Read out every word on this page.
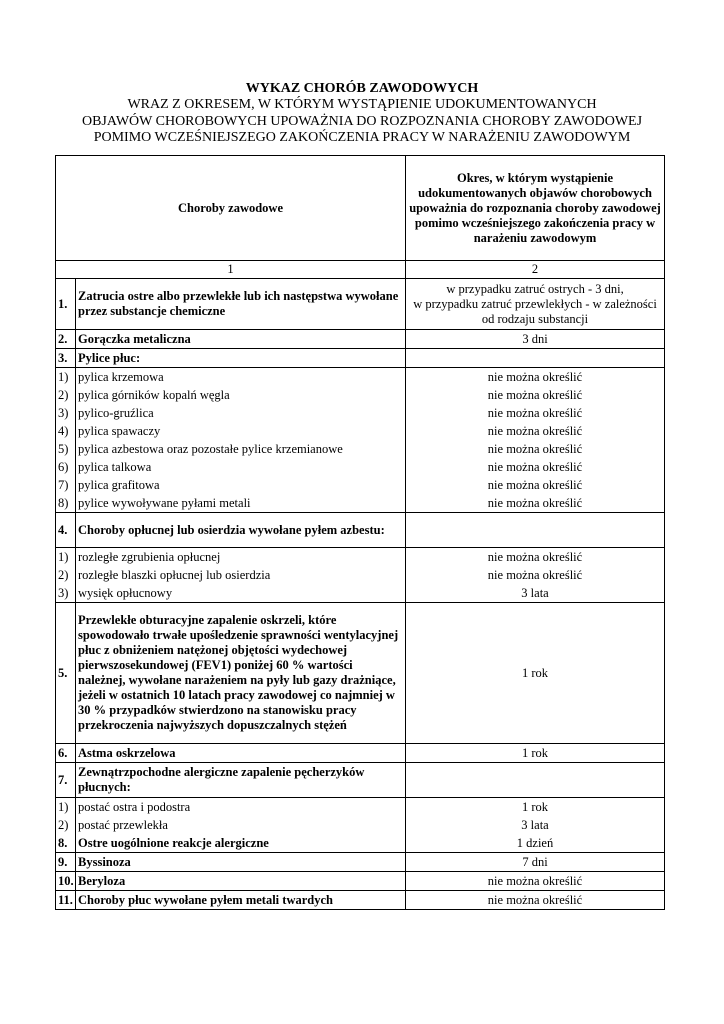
WYKAZ CHORÓB ZAWODOWYCH
WRAZ Z OKRESEM, W KTÓRYM WYSTĄPIENIE UDOKUMENTOWANYCH
OBJAWÓW CHOROBOWYCH UPOWAŻNIA DO ROZPOZNANIA CHOROBY ZAWODOWEJ
POMIMO WCZEŚNIEJSZEGO ZAKOŃCZENIA PRACY W NARAŻENIU ZAWODOWYM
Choroby zawodowe		Okres, w którym wystąpienie udokumentowanych objawów chorobowych upoważnia do rozpoznania choroby zawodowej pomimo wcześniejszego zakończenia pracy w narażeniu zawodowym
1		2
1.	Zatrucia ostre albo przewlekłe lub ich następstwa wywołane przez substancje chemiczne	w przypadku zatruć ostrych - 3 dni,
w przypadku zatruć przewlekłych - w zależności od rodzaju substancji

2.	Gorączka metaliczna	3 dni
3.	Pylice płuc:	
1)	pylica krzemowa	nie można określić
2)	pylica górników kopalń węgla	nie można określić
3)	pylico-gruźlica	nie można określić
4)	pylica spawaczy	nie można określić
5)	pylica azbestowa oraz pozostałe pylice krzemianowe	nie można określić
6)	pylica talkowa	nie można określić
7)	pylica grafitowa	nie można określić
8)	pylice wywoływane pyłami metali	nie można określić
4.	Choroby opłucnej lub osierdzia wywołane pyłem azbestu:	
1)	rozległe zgrubienia opłucnej	nie można określić
2)	rozległe blaszki opłucnej lub osierdzia	nie można określić
3)	wysięk opłucnowy	3 lata
5.	Przewlekłe obturacyjne zapalenie oskrzeli, które spowodowało trwałe upośledzenie sprawności wentylacyjnej płuc z obniżeniem natężonej objętości wydechowej pierwszosekundowej (FEV1) poniżej 60 % wartości należnej, wywołane narażeniem na pyły lub gazy drażniące, jeżeli w ostatnich 10 latach pracy zawodowej co najmniej w 30 % przypadków stwierdzono na stanowisku pracy przekroczenia najwyższych dopuszczalnych stężeń	1 rok
6.	Astma oskrzelowa	1 rok
7.	Zewnątrzpochodne alergiczne zapalenie pęcherzyków płucnych:	
1)	postać ostra i podostra	1 rok
2)	postać przewlekła	3 lata
8.	Ostre uogólnione reakcje alergiczne	1 dzień
9.	Byssinoza	7 dni
10.	Beryloza	nie można określić
11.	Choroby płuc wywołane pyłem metali twardych	nie można określić
